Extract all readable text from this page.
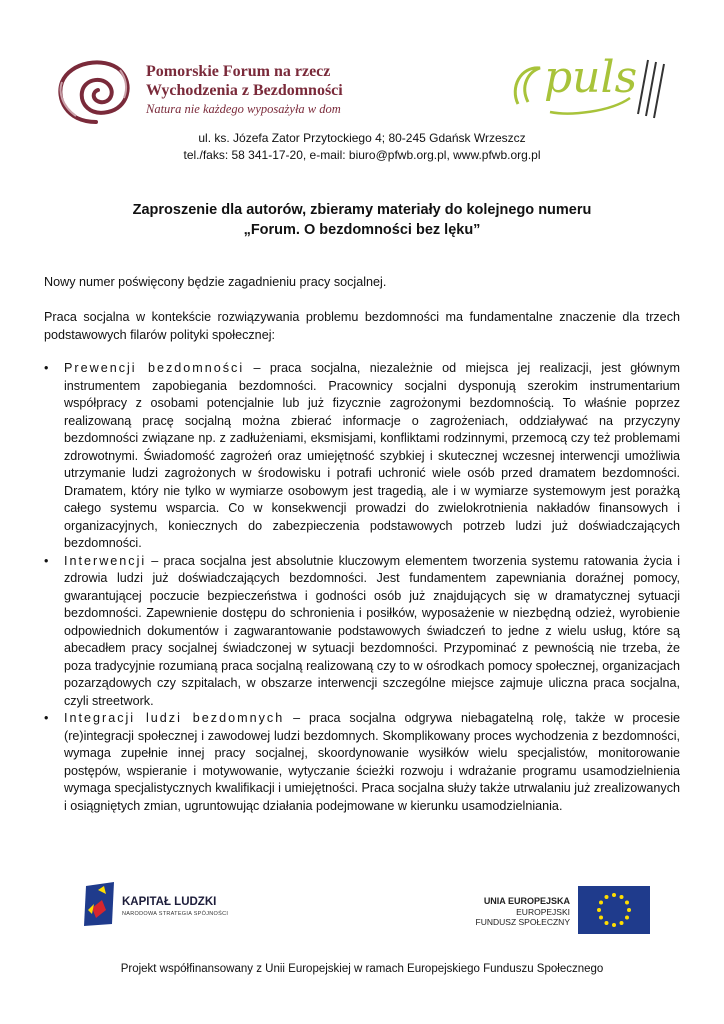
Pomorskie Forum na rzecz
Wychodzenia z Bezdomności
Natura nie każdego wyposażyła w dom
puls
ul. ks. Józefa Zator Przytockiego 4; 80-245 Gdańsk Wrzeszcz
tel./faks: 58 341-17-20, e-mail: biuro@pfwb.org.pl, www.pfwb.org.pl
Zaproszenie dla autorów, zbieramy materiały do kolejnego numeru
„Forum. O bezdomności bez lęku”
Nowy numer poświęcony będzie zagadnieniu pracy socjalnej.
Praca socjalna w kontekście rozwiązywania problemu bezdomności ma fundamentalne znaczenie dla trzech podstawowych filarów polityki społecznej:
• Prewencji bezdomności – praca socjalna, niezależnie od miejsca jej realizacji, jest głównym instrumentem zapobiegania bezdomności. Pracownicy socjalni dysponują szerokim instrumentarium współpracy z osobami potencjalnie lub już fizycznie zagrożonymi bezdomnością. To właśnie poprzez realizowaną pracę socjalną można zbierać informacje o zagrożeniach, oddziaływać na przyczyny bezdomności związane np. z zadłużeniami, eksmisjami, konfliktami rodzinnymi, przemocą czy też problemami zdrowotnymi. Świadomość zagrożeń oraz umiejętność szybkiej i skutecznej wczesnej interwencji umożliwia utrzymanie ludzi zagrożonych w środowisku i potrafi uchronić wiele osób przed dramatem bezdomności. Dramatem, który nie tylko w wymiarze osobowym jest tragedią, ale i w wymiarze systemowym jest porażką całego systemu wsparcia. Co w konsekwencji prowadzi do zwielokrotnienia nakładów finansowych i organizacyjnych, koniecznych do zabezpieczenia podstawowych potrzeb ludzi już doświadczających bezdomności.
• Interwencji – praca socjalna jest absolutnie kluczowym elementem tworzenia systemu ratowania życia i zdrowia ludzi już doświadczających bezdomności. Jest fundamentem zapewniania doraźnej pomocy, gwarantującej poczucie bezpieczeństwa i godności osób już znajdujących się w dramatycznej sytuacji bezdomności. Zapewnienie dostępu do schronienia i posiłków, wyposażenie w niezbędną odzież, wyrobienie odpowiednich dokumentów i zagwarantowanie podstawowych świadczeń to jedne z wielu usług, które są abecadłem pracy socjalnej świadczonej w sytuacji bezdomności. Przypominać z pewnością nie trzeba, że poza tradycyjnie rozumianą praca socjalną realizowaną czy to w ośrodkach pomocy społecznej, organizacjach pozarządowych czy szpitalach, w obszarze interwencji szczególne miejsce zajmuje uliczna praca socjalna, czyli streetwork.
• Integracji ludzi bezdomnych – praca socjalna odgrywa niebagatelną rolę, także w procesie (re)integracji społecznej i zawodowej ludzi bezdomnych. Skomplikowany proces wychodzenia z bezdomności, wymaga zupełnie innej pracy socjalnej, skoordynowanie wysiłków wielu specjalistów, monitorowanie postępów, wspieranie i motywowanie, wytyczanie ścieżki rozwoju i wdrażanie programu usamodzielnienia wymaga specjalistycznych kwalifikacji i umiejętności. Praca socjalna służy także utrwalaniu już zrealizowanych i osiągniętych zmian, ugruntowując działania podejmowane w kierunku usamodzielniania.
KAPITAŁ LUDZKI
NARODOWA STRATEGIA SPÓJNOŚCI
UNIA EUROPEJSKA
EUROPEJSKI
FUNDUSZ SPOŁECZNY
Projekt współfinansowany z Unii Europejskiej w ramach Europejskiego Funduszu Społecznego
